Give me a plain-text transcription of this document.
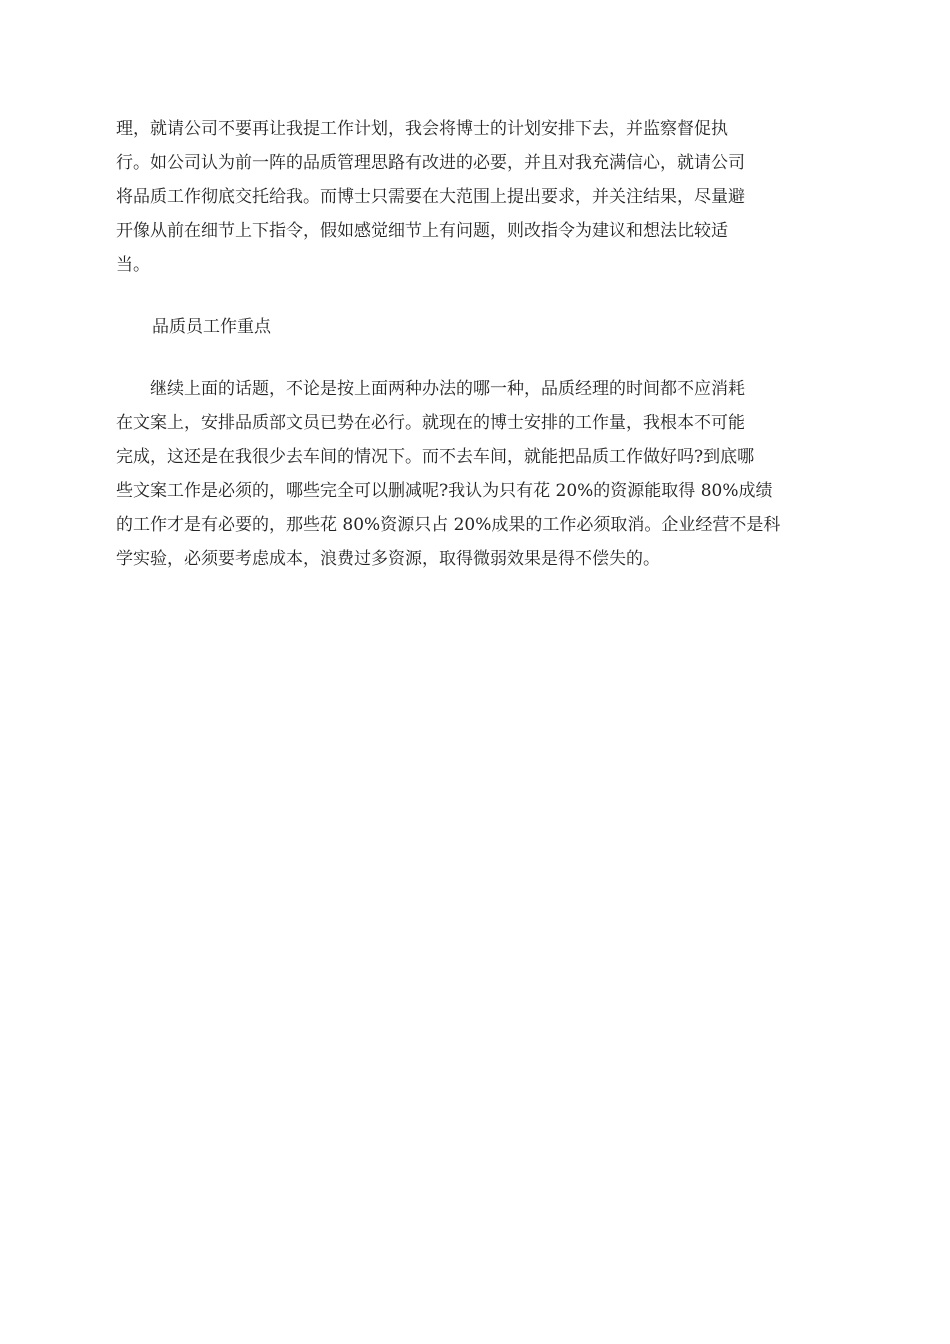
理，就请公司不要再让我提工作计划，我会将博士的计划安排下去，并监察督促执
行。如公司认为前一阵的品质管理思路有改进的必要，并且对我充满信心，就请公司
将品质工作彻底交托给我。而博士只需要在大范围上提出要求，并关注结果，尽量避
开像从前在细节上下指令，假如感觉细节上有问题，则改指令为建议和想法比较适
当。
品质员工作重点
　　继续上面的话题，不论是按上面两种办法的哪一种，品质经理的时间都不应消耗
在文案上，安排品质部文员已势在必行。就现在的博士安排的工作量，我根本不可能
完成，这还是在我很少去车间的情况下。而不去车间，就能把品质工作做好吗?到底哪
些文案工作是必须的，哪些完全可以删减呢?我认为只有花 20%的资源能取得 80%成绩
的工作才是有必要的，那些花 80%资源只占 20%成果的工作必须取消。企业经营不是科
学实验，必须要考虑成本，浪费过多资源，取得微弱效果是得不偿失的。
